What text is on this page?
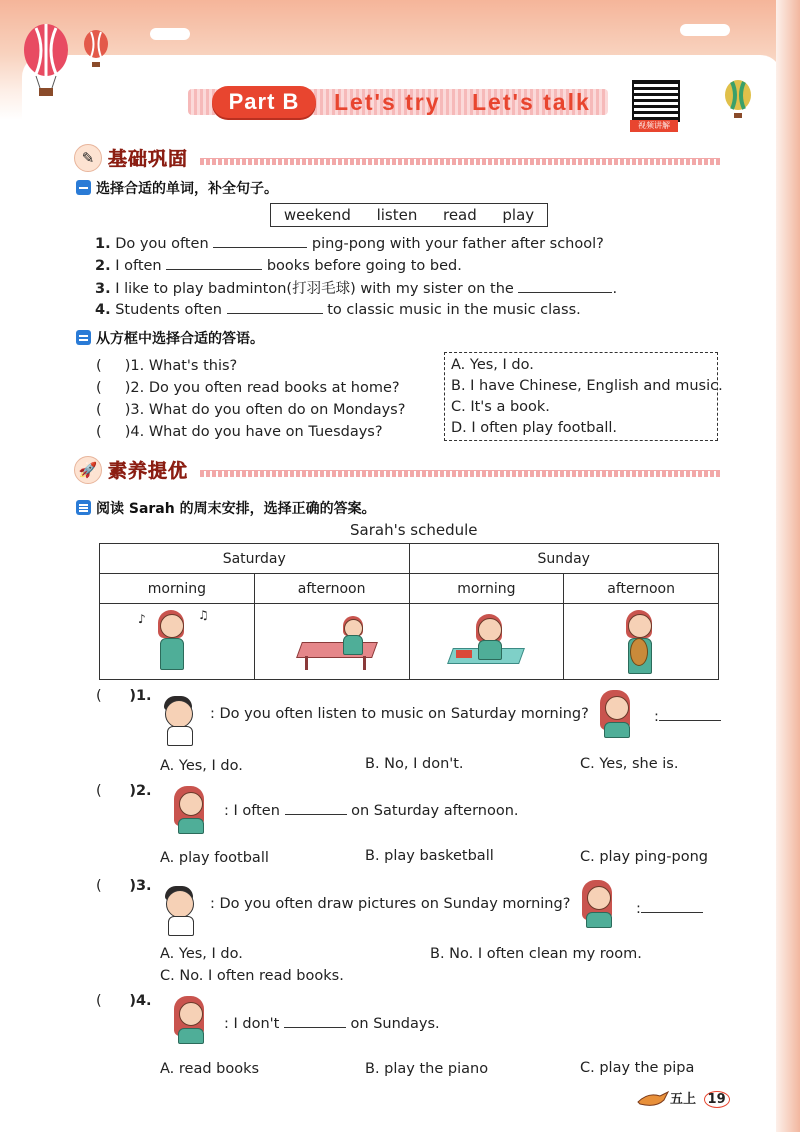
Part B	Let's try Let's talk
视频讲解
✎ 基础巩固
选择合适的单词，补全句子。
weekend listen read play
1. Do you often	ping-pong with your father after school?
2. I often	books before going to bed.
3. I like to play badminton(打羽毛球) with my sister on the	.
4. Students often	to classic music in the music class.
从方框中选择合适的答语。
(     )1. What's this?
(     )2. Do you often read books at home?
(     )3. What do you often do on Mondays?
(     )4. What do you have on Tuesdays?
A. Yes, I do.
B. I have Chinese, English and music.
C. It's a book.
D. I often play football.
🚀 素养提优
阅读 Sarah 的周末安排，选择正确的答案。
Sarah's schedule
Saturday		Sunday	
morning	afternoon	morning	afternoon

♪ ♫			

(      )1.
: Do you often listen to music on Saturday morning?	:
A. Yes, I do.	B. No, I don't.	C. Yes, she is.
(      )2.
: I often	on Saturday afternoon.
A. play football	B. play basketball	C. play ping-pong
(      )3.
: Do you often draw pictures on Sunday morning?	:
A. Yes, I do.	B. No. I often clean my room.
C. No. I often read books.
(      )4.
: I don't	on Sundays.
A. read books	B. play the piano	C. play the pipa
五上 19
